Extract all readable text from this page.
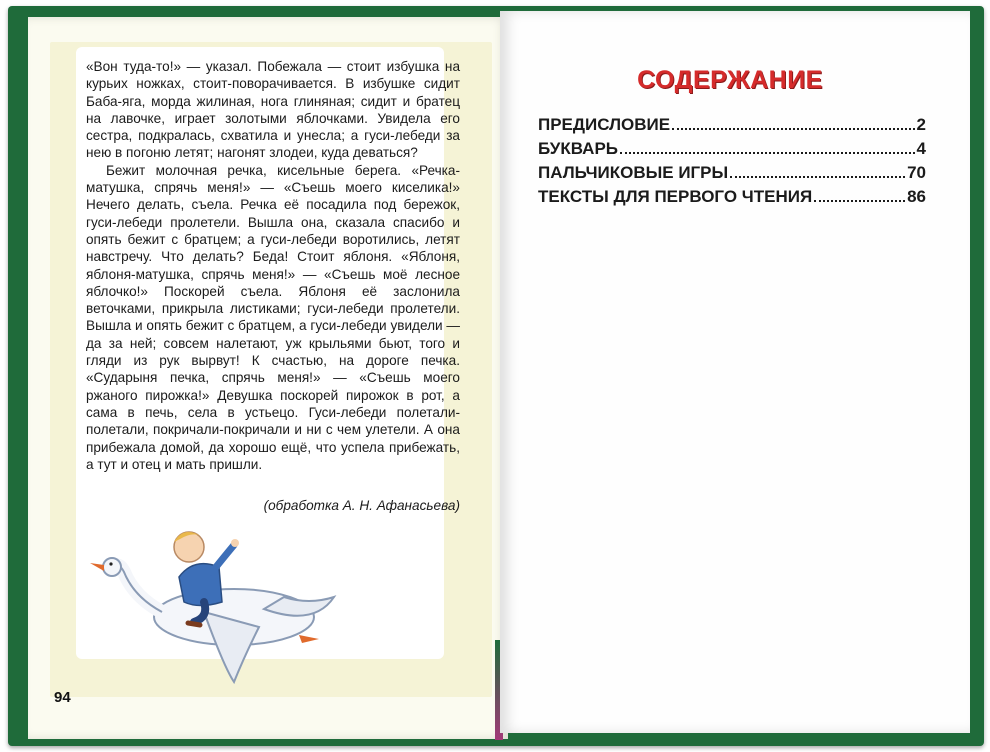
«Вон туда-то!» — указал. Побежала — стоит избушка на курьих ножках, стоит-поворачивается. В избушке сидит Баба-яга, морда жилиная, нога глиняная; сидит и братец на лавочке, играет золотыми яблочками. Увидела его сестра, подкралась, схватила и унесла; а гуси-лебеди за нею в погоню летят; нагонят злодеи, куда деваться?

Бежит молочная речка, кисельные берега. «Речка-матушка, спрячь меня!» — «Съешь моего киселика!» Нечего делать, съела. Речка её посадила под бережок, гуси-лебеди пролетели. Вышла она, сказала спасибо и опять бежит с братцем; а гуси-лебеди воротились, летят навстречу. Что делать? Беда! Стоит яблоня. «Яблоня, яблоня-матушка, спрячь меня!» — «Съешь моё лесное яблочко!» Поскорей съела. Яблоня её заслонила веточками, прикрыла листиками; гуси-лебеди пролетели. Вышла и опять бежит с братцем, а гуси-лебеди увидели — да за ней; совсем налетают, уж крыльями бьют, того и гляди из рук вырвут! К счастью, на дороге печка. «Сударыня печка, спрячь меня!» — «Съешь моего ржаного пирожка!» Девушка поскорей пирожок в рот, а сама в печь, села в устьецо. Гуси-лебеди полетали-полетали, покричали-покричали и ни с чем улетели. А она прибежала домой, да хорошо ещё, что успела прибежать, а тут и отец и мать пришли.

(обработка А. Н. Афанасьева)
94
СОДЕРЖАНИЕ
ПРЕДИСЛОВИЕ	2
БУКВАРЬ	4
ПАЛЬЧИКОВЫЕ ИГРЫ	70
ТЕКСТЫ ДЛЯ ПЕРВОГО ЧТЕНИЯ	86
